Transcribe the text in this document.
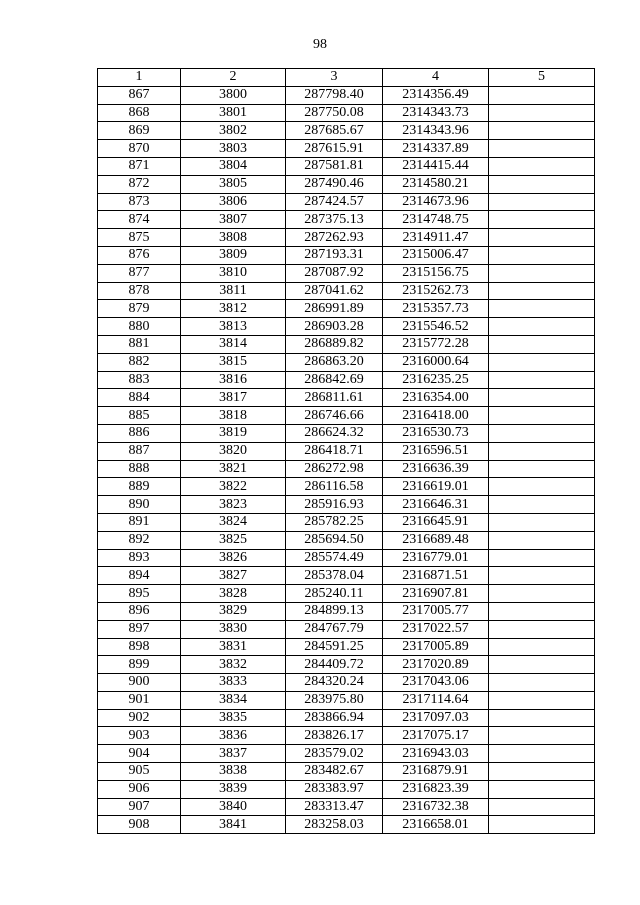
98
1	2	3	4	5
867	3800	287798.40	2314356.49	
868	3801	287750.08	2314343.73	
869	3802	287685.67	2314343.96	
870	3803	287615.91	2314337.89	
871	3804	287581.81	2314415.44	
872	3805	287490.46	2314580.21	
873	3806	287424.57	2314673.96	
874	3807	287375.13	2314748.75	
875	3808	287262.93	2314911.47	
876	3809	287193.31	2315006.47	
877	3810	287087.92	2315156.75	
878	3811	287041.62	2315262.73	
879	3812	286991.89	2315357.73	
880	3813	286903.28	2315546.52	
881	3814	286889.82	2315772.28	
882	3815	286863.20	2316000.64	
883	3816	286842.69	2316235.25	
884	3817	286811.61	2316354.00	
885	3818	286746.66	2316418.00	
886	3819	286624.32	2316530.73	
887	3820	286418.71	2316596.51	
888	3821	286272.98	2316636.39	
889	3822	286116.58	2316619.01	
890	3823	285916.93	2316646.31	
891	3824	285782.25	2316645.91	
892	3825	285694.50	2316689.48	
893	3826	285574.49	2316779.01	
894	3827	285378.04	2316871.51	
895	3828	285240.11	2316907.81	
896	3829	284899.13	2317005.77	
897	3830	284767.79	2317022.57	
898	3831	284591.25	2317005.89	
899	3832	284409.72	2317020.89	
900	3833	284320.24	2317043.06	
901	3834	283975.80	2317114.64	
902	3835	283866.94	2317097.03	
903	3836	283826.17	2317075.17	
904	3837	283579.02	2316943.03	
905	3838	283482.67	2316879.91	
906	3839	283383.97	2316823.39	
907	3840	283313.47	2316732.38	
908	3841	283258.03	2316658.01	
